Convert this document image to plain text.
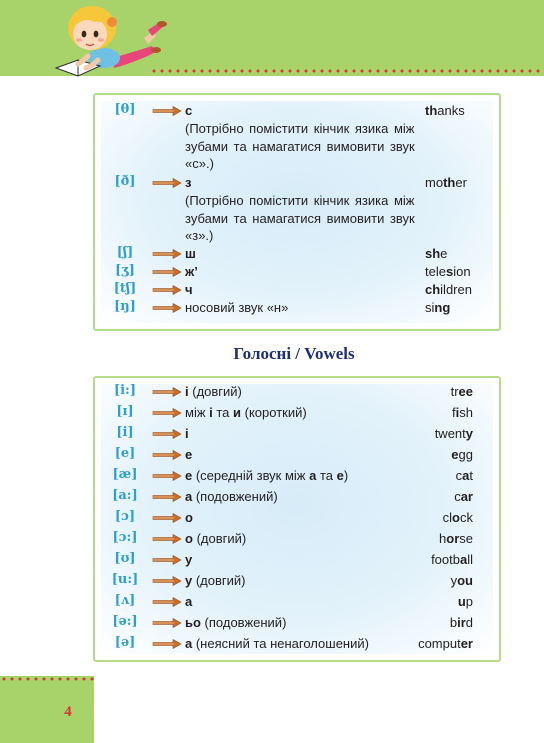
[θ]	с	thanks
(Потрібно помістити кінчик язика між зубами та намагатися вимовити звук «с».)
[ð]	з	mother
(Потрібно помістити кінчик язика між зубами та намагатися вимовити звук «з».)
[ʃ]	ш	she
[ʒ]	ж’	telesion
[tʃ]	ч	children
[ŋ]	носовий звук «н»	sing
Голосні / Vowels
[i:]	і (довгий)	tree
[ɪ]	між і та и (короткий)	fish
[i]	і	twenty
[e]	е	egg
[æ]	е (середній звук між а та е)	cat
[a:]	а (подовжений)	car
[ɔ]	о	clock
[ɔ:]	о (довгий)	horse
[ʊ]	у	football
[u:]	у (довгий)	you
[ʌ]	а	up
[ə:]	ьо (подовжений)	bird
[ə]	а (неясний та ненаголошений)	computer
4
